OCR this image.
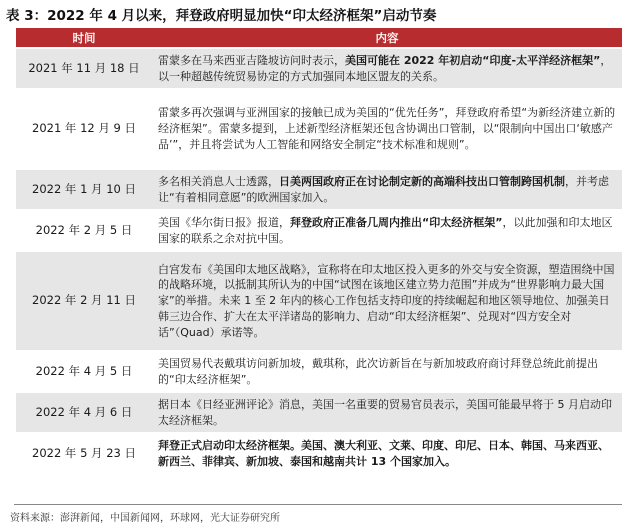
表 3：2022 年 4 月以来，拜登政府明显加快“印太经济框架”启动节奏
时间	内容
2021 年 11 月 18 日	雷蒙多在马来西亚吉隆坡访问时表示，美国可能在 2022 年初启动“印度-太平洋经济框架”，以一种超越传统贸易协定的方式加强同本地区盟友的关系。
2021 年 12 月 9 日	雷蒙多再次强调与亚洲国家的接触已成为美国的“优先任务”，拜登政府希望“为新经济建立新的经济框架”。雷蒙多提到，上述新型经济框架还包含协调出口管制，以“限制向中国出口‘敏感产品’”，并且将尝试为人工智能和网络安全制定“技术标准和规则”。
2022 年 1 月 10 日	多名相关消息人士透露，日美两国政府正在讨论制定新的高端科技出口管制跨国机制，并考虑让“有着相同意愿”的欧洲国家加入。
2022 年 2 月 5 日	美国《华尔街日报》报道，拜登政府正准备几周内推出“印太经济框架”，以此加强和印太地区国家的联系之余对抗中国。
2022 年 2 月 11 日	白宫发布《美国印太地区战略》，宣称将在印太地区投入更多的外交与安全资源，塑造围绕中国的战略环境，以抵制其所认为的中国“试图在该地区建立势力范围”并成为“世界影响力最大国家”的举措。未来 1 至 2 年内的核心工作包括支持印度的持续崛起和地区领导地位、加强美日韩三边合作、扩大在太平洋诸岛的影响力、启动“印太经济框架”、兑现对“四方安全对话”（Quad）承诺等。
2022 年 4 月 5 日	美国贸易代表戴琪访问新加坡，戴琪称，此次访新旨在与新加坡政府商讨拜登总统此前提出的“印太经济框架”。
2022 年 4 月 6 日	据日本《日经亚洲评论》消息，美国一名重要的贸易官员表示，美国可能最早将于 5 月启动印太经济框架。
2022 年 5 月 23 日	拜登正式启动印太经济框架。美国、澳大利亚、文莱、印度、印尼、日本、韩国、马来西亚、新西兰、菲律宾、新加坡、泰国和越南共计 13 个国家加入。
资料来源：澎湃新闻，中国新闻网，环球网，光大证券研究所
